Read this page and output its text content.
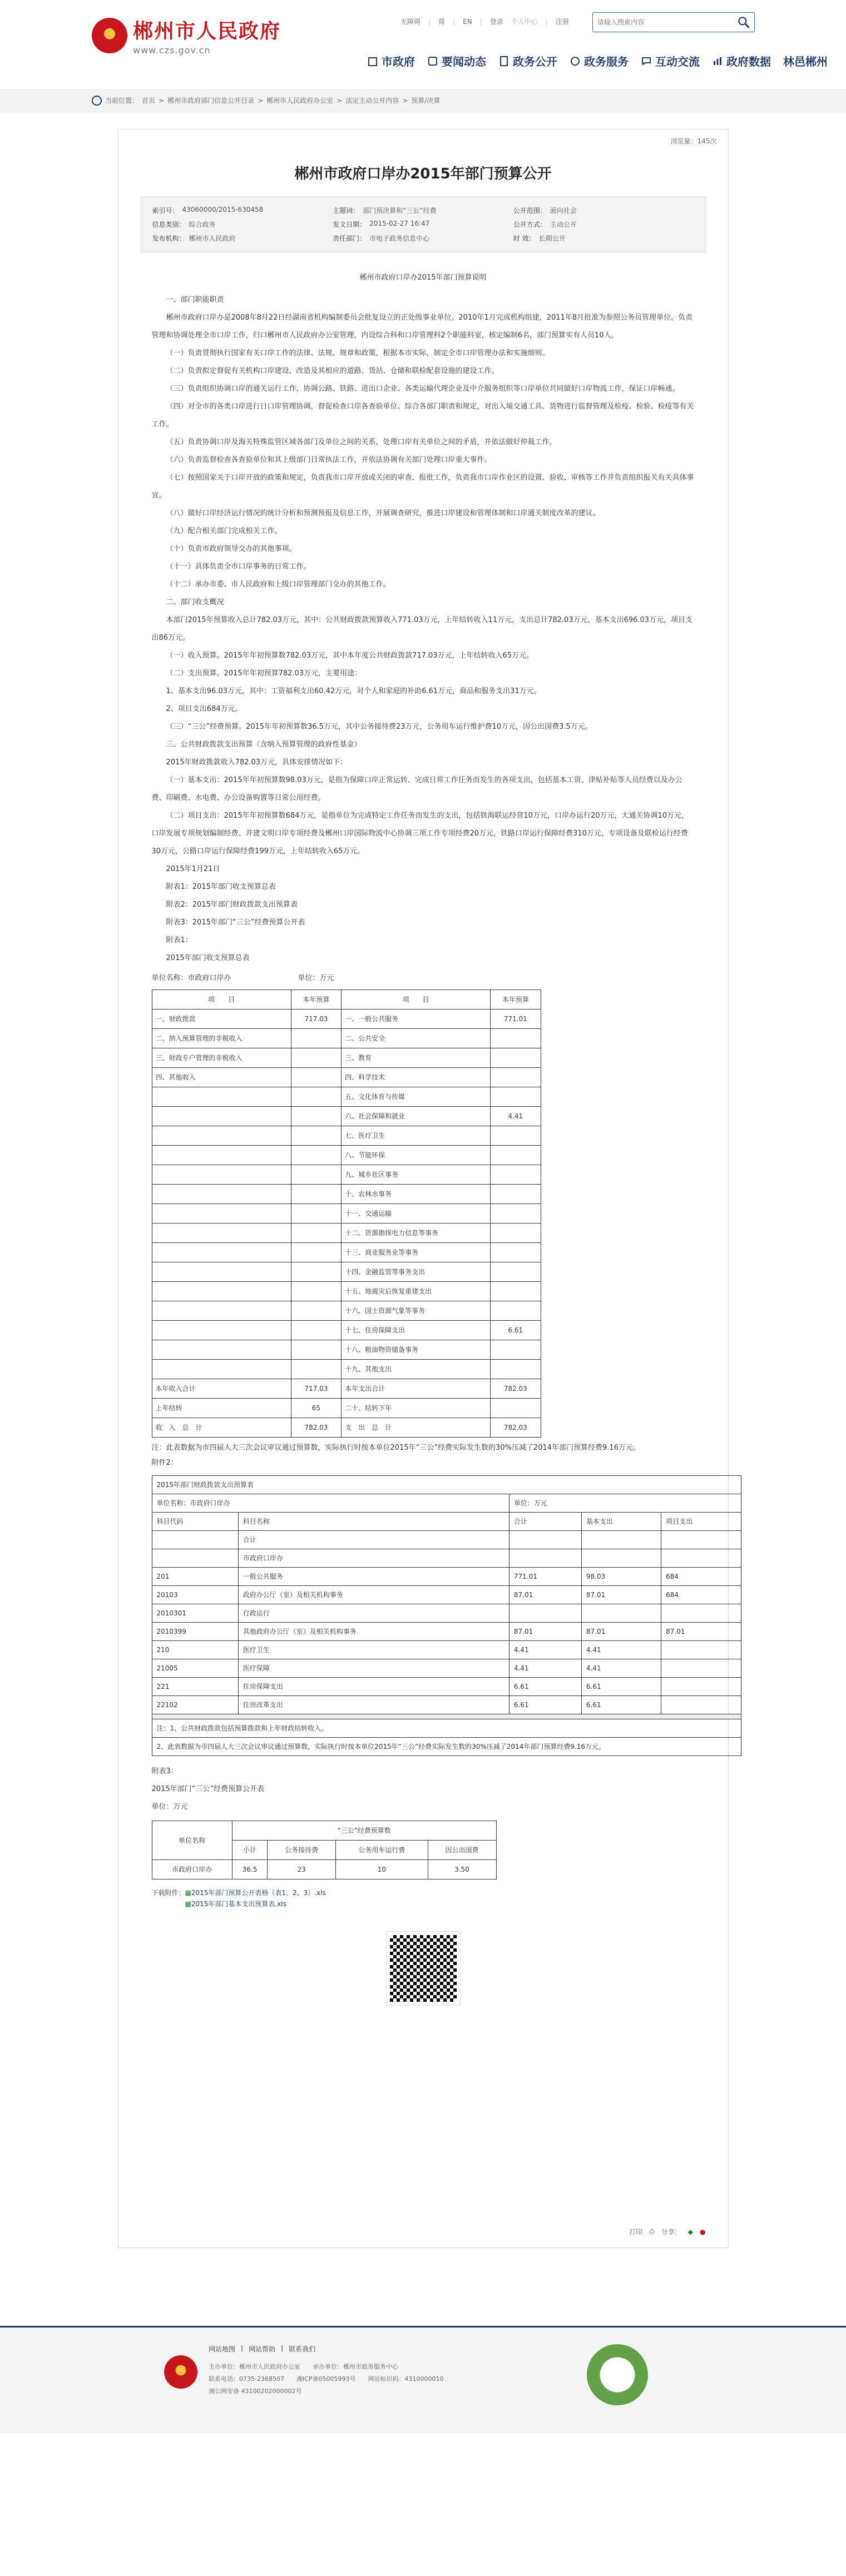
郴州市人民政府
www.czs.gov.cn
无障碍 | 简 | EN | 登录 个人中心 | 注册
请输入搜索内容
市政府 要闻动态 政务公开 政务服务 互动交流 政府数据 林邑郴州
当前位置： 首页 > 郴州市政府部门信息公开目录 > 郴州市人民政府办公室 > 法定主动公开内容 > 预算/决算
浏览量：145次
郴州市政府口岸办2015年部门预算公开
索引号： 43060000/2015-630458	主题词： 部门预决算和“三公”经费	公开范围： 面向社会
信息类别： 综合政务	发文日期： 2015-02-27 16:47	公开方式： 主动公开
发布机构： 郴州市人民政府	责任部门： 市电子政务信息中心	时 效： 长期公开
郴州市政府口岸办2015年部门预算说明

一、部门职能职责

郴州市政府口岸办是2008年8月22日经湖南省机构编制委员会批复设立的正处级事业单位。2010年1月完成机构组建，2011年8月批准为参照公务员管理单位。负责管理和协调处理全市口岸工作，归口郴州市人民政府办公室管理，内设综合科和口岸管理科2个职能科室，核定编制6名，部门预算实有人员10人。

（一）负责贯彻执行国家有关口岸工作的法律、法规、规章和政策，根据本市实际，制定全市口岸管理办法和实施细则。

（二）负责拟定督促有关机构口岸建设、改造及其相应的道路、货站、仓储和联检配套设施的建设工作。

（三）负责组织协调口岸的通关运行工作，协调公路、铁路、进出口企业、各类运输代理企业及中介服务组织等口岸单位共同做好口岸物流工作，保证口岸畅通。

（四）对全市的各类口岸进行日口岸管理协调，督促检查口岸各查验单位、综合各部门职责和规定，对出入境交通工具、货物进行监督管理及检疫、检验、检疫等有关工作。

（五）负责协调口岸及海关特殊监管区域各部门及单位之间的关系，处理口岸有关单位之间的矛盾，并依法做好仲裁工作。

（六）负责监督检查各查验单位和其上级部门日常执法工作，并依法协调有关部门处理口岸重大事件。

（七）按照国家关于口岸开放的政策和规定，负责我市口岸开放或关闭的审查、报批工作，负责我市口岸作业区的设置、验收、审核等工作并负责组织报关有关具体事宜。

（八）做好口岸经济运行情况的统计分析和预测预报及信息工作，开展调查研究，推进口岸建设和管理体制和口岸通关制度改革的建议。

（九）配合相关部门完成相关工作。

（十）负责市政府领导交办的其他事项。

（十一）具体负责全市口岸事务的日常工作。

（十二）承办市委、市人民政府和上级口岸管理部门交办的其他工作。

二、部门收支概况

本部门2015年预算收入总计782.03万元，其中：公共财政拨款预算收入771.03万元，上年结转收入11万元，支出总计782.03万元，基本支出696.03万元，项目支出86万元。

（一）收入预算。2015年年初预算数782.03万元，其中本年度公共财政拨款717.03万元，上年结转收入65万元。

（二）支出预算。2015年年初预算782.03万元，主要用途：

1、基本支出96.03万元，其中：工资福利支出60.42万元，对个人和家庭的补助6.61万元，商品和服务支出31万元。

2、项目支出684万元。

（三）“三公”经费预算。2015年年初预算数36.5万元，其中公务接待费23万元，公务用车运行维护费10万元，因公出国费3.5万元。

三、公共财政拨款支出预算（含纳入预算管理的政府性基金）

2015年财政拨款收入782.03万元，具体安排情况如下：

（一）基本支出：2015年年初预算数98.03万元，是指为保障口岸正常运转、完成日常工作任务而发生的各项支出，包括基本工资、津贴补贴等人员经费以及办公费、印刷费、水电费、办公设备购置等日常公用经费。

（二）项目支出：2015年年初预算数684万元，是指单位为完成特定工作任务而发生的支出，包括铁海联运经营10万元，口岸办运行20万元，大通关协调10万元，口岸发展专项规划编制经费、并建文明口岸专项经费及郴州口岸国际物流中心协调三项工作专项经费20万元，铁路口岸运行保障经费310万元，专项设备及联检运行经费30万元，公路口岸运行保障经费199万元，上年结转收入65万元。

2015年1月21日

附表1：2015年部门收支预算总表

附表2：2015年部门财政拨款支出预算表

附表3：2015年部门“三公”经费预算公开表

附表1：

2015年部门收支预算总表

单位名称：市政府口岸办	单位：万元
项　　目	本年预算	项　　目	本年预算
一、财政拨款	717.03	一、一般公共服务	771.01
二、纳入预算管理的非税收入		二、公共安全	
三、财政专户管理的非税收入		三、教育	
四、其他收入		四、科学技术	
		五、文化体育与传媒	
		六、社会保障和就业	4.41
		七、医疗卫生	
		八、节能环保	
		九、城乡社区事务	
		十、农林水事务	
		十一、交通运输	
		十二、资源勘探电力信息等事务	
		十三、商业服务业等事务	
		十四、金融监管等事务支出	
		十五、地震灾后恢复重建支出	
		十六、国土资源气象等事务	
		十七、住房保障支出	6.61
		十八、粮油物资储备事务	
		十九、其他支出	
本年收入合计	717.03	本年支出合计	782.03
上年结转	65	二十、结转下年	
收　入　总　计	782.03	支　出　总　计	782.03

注：此表数据为市四届人大三次会议审议通过预算数，实际执行时按本单位2015年“三公”经费实际发生数的30%压减了2014年部门预算经费9.16万元。

附件2：

2015年部门财政拨款支出预算表				
单位名称：市政府口岸办		单位：万元		
科目代码	科目名称	合计	基本支出	项目支出
	合计			
	市政府口岸办			
201	一般公共服务	771.01	98.03	684
20103	政府办公厅（室）及相关机构事务	87.01	87.01	684
2010301	行政运行			
2010399	其他政府办公厅（室）及相关机构事务	87.01	87.01	87.01
210	医疗卫生	4.41	4.41	
21005	医疗保障	4.41	4.41	
221	住房保障支出	6.61	6.61	
22102	住房改革支出	6.61	6.61	

注：1、公共财政拨款包括预算拨款和上年财政结转收入。				
2、此表数据为市四届人大三次会议审议通过预算数，实际执行时按本单位2015年“三公”经费实际发生数的30%压减了2014年部门预算经费9.16万元。				

附表3：

2015年部门“三公”经费预算公开表

单位：万元

单位名称	“三公”经费预算数			
	小计	公务接待费	公务用车运行费	因公出国费
市政府口岸办	36.5	23	10	3.50
下载附件：▦2015年部门预算公开表格（表1、2、3）.xls
▦2015年部门基本支出预算表.xls
打印 ⎙ 分享： ◆ ●
网站地图 | 网站帮助 | 联系我们
主办单位：郴州市人民政府办公室　　承办单位：郴州市政务服务中心
联系电话：0735-2368507　　湘ICP备05005993号　　网站标识码：4310000010
湘公网安备 43100202000002号
